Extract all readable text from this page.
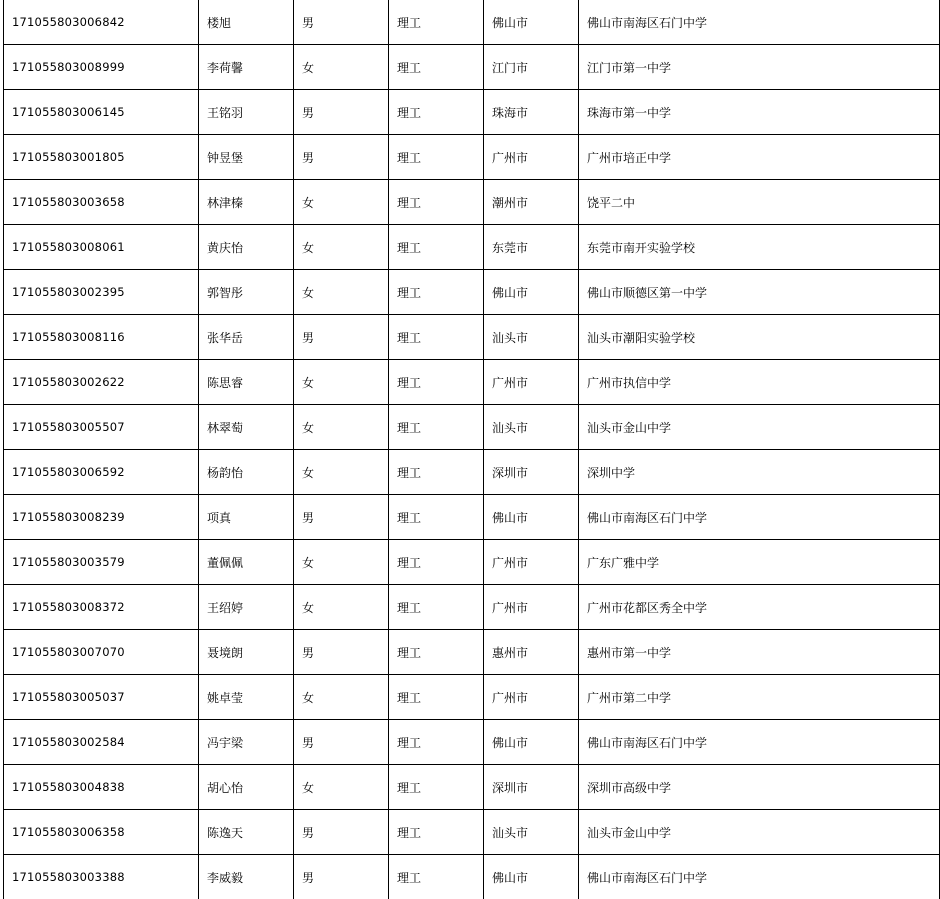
171055803006842	楼旭	男	理工	佛山市	佛山市南海区石门中学
171055803008999	李荷馨	女	理工	江门市	江门市第一中学
171055803006145	王铭羽	男	理工	珠海市	珠海市第一中学
171055803001805	钟昱堡	男	理工	广州市	广州市培正中学
171055803003658	林津榛	女	理工	潮州市	饶平二中
171055803008061	黄庆怡	女	理工	东莞市	东莞市南开实验学校
171055803002395	郭智彤	女	理工	佛山市	佛山市顺德区第一中学
171055803008116	张华岳	男	理工	汕头市	汕头市潮阳实验学校
171055803002622	陈思睿	女	理工	广州市	广州市执信中学
171055803005507	林翠萄	女	理工	汕头市	汕头市金山中学
171055803006592	杨韵怡	女	理工	深圳市	深圳中学
171055803008239	项真	男	理工	佛山市	佛山市南海区石门中学
171055803003579	董佩佩	女	理工	广州市	广东广雅中学
171055803008372	王绍婷	女	理工	广州市	广州市花都区秀全中学
171055803007070	聂境朗	男	理工	惠州市	惠州市第一中学
171055803005037	姚卓莹	女	理工	广州市	广州市第二中学
171055803002584	冯宇梁	男	理工	佛山市	佛山市南海区石门中学
171055803004838	胡心怡	女	理工	深圳市	深圳市高级中学
171055803006358	陈逸天	男	理工	汕头市	汕头市金山中学
171055803003388	李威毅	男	理工	佛山市	佛山市南海区石门中学
